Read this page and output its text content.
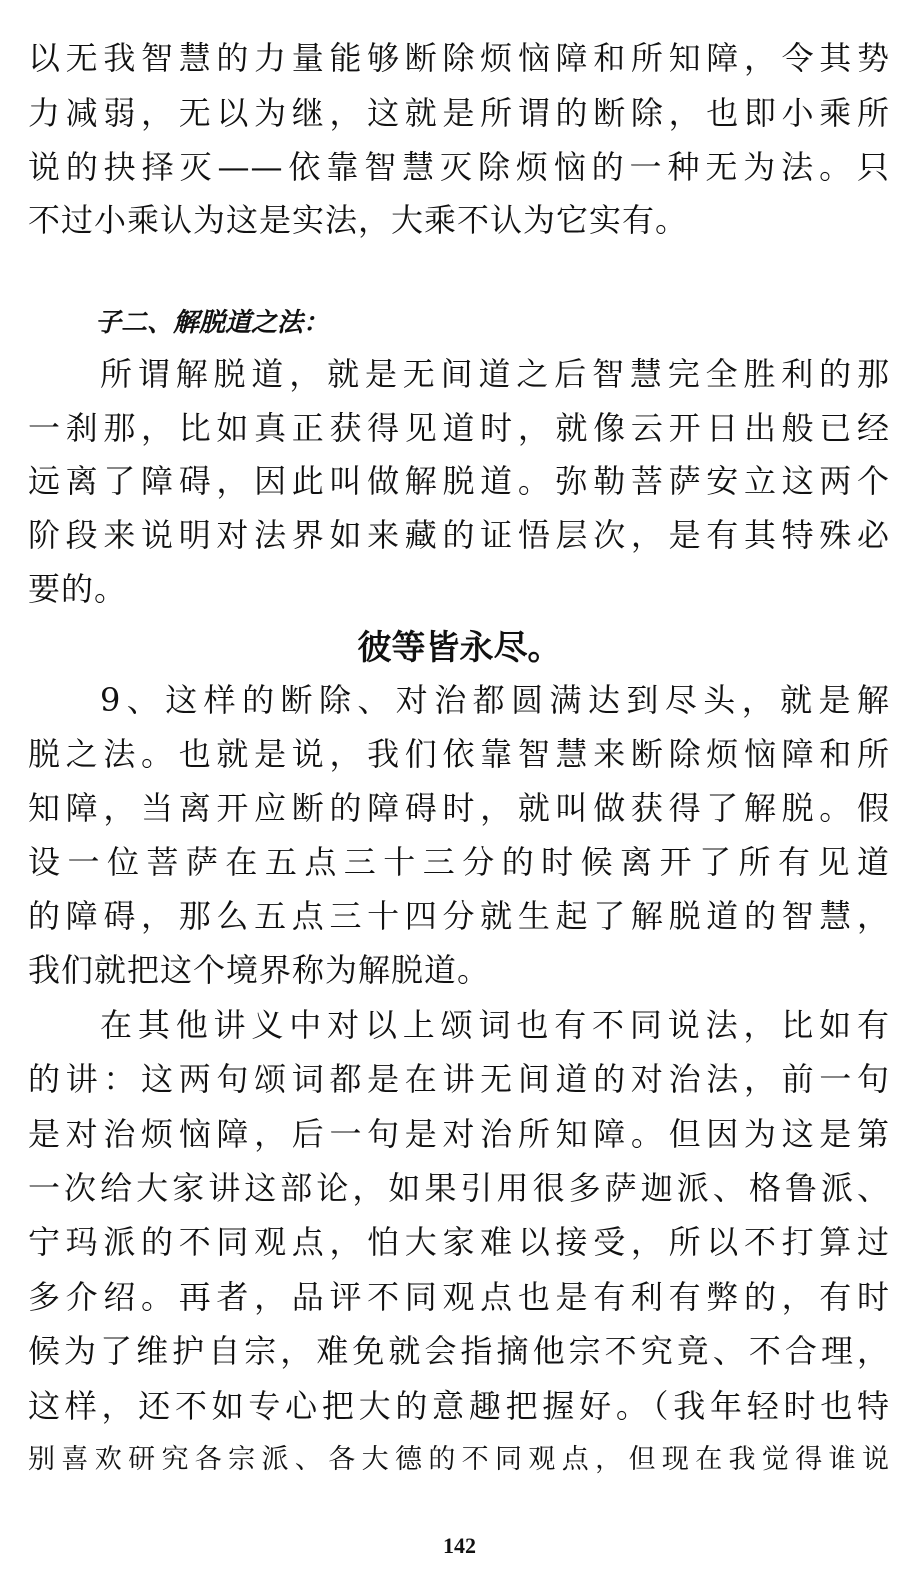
以无我智慧的力量能够断除烦恼障和所知障，令其势
力减弱，无以为继，这就是所谓的断除，也即小乘所
说的抉择灭——依靠智慧灭除烦恼的一种无为法。只
不过小乘认为这是实法，大乘不认为它实有。
子二、解脱道之法：
所谓解脱道，就是无间道之后智慧完全胜利的那
一刹那，比如真正获得见道时，就像云开日出般已经
远离了障碍，因此叫做解脱道。弥勒菩萨安立这两个
阶段来说明对法界如来藏的证悟层次，是有其特殊必
要的。
彼等皆永尽。
9、这样的断除、对治都圆满达到尽头，就是解
脱之法。也就是说，我们依靠智慧来断除烦恼障和所
知障，当离开应断的障碍时，就叫做获得了解脱。假
设一位菩萨在五点三十三分的时候离开了所有见道
的障碍，那么五点三十四分就生起了解脱道的智慧，
我们就把这个境界称为解脱道。
在其他讲义中对以上颂词也有不同说法，比如有
的讲：这两句颂词都是在讲无间道的对治法，前一句
是对治烦恼障，后一句是对治所知障。但因为这是第
一次给大家讲这部论，如果引用很多萨迦派、格鲁派、
宁玛派的不同观点，怕大家难以接受，所以不打算过
多介绍。再者，品评不同观点也是有利有弊的，有时
候为了维护自宗，难免就会指摘他宗不究竟、不合理，
这样，还不如专心把大的意趣把握好。（我年轻时也特
别喜欢研究各宗派、各大德的不同观点，但现在我觉得谁说
142
